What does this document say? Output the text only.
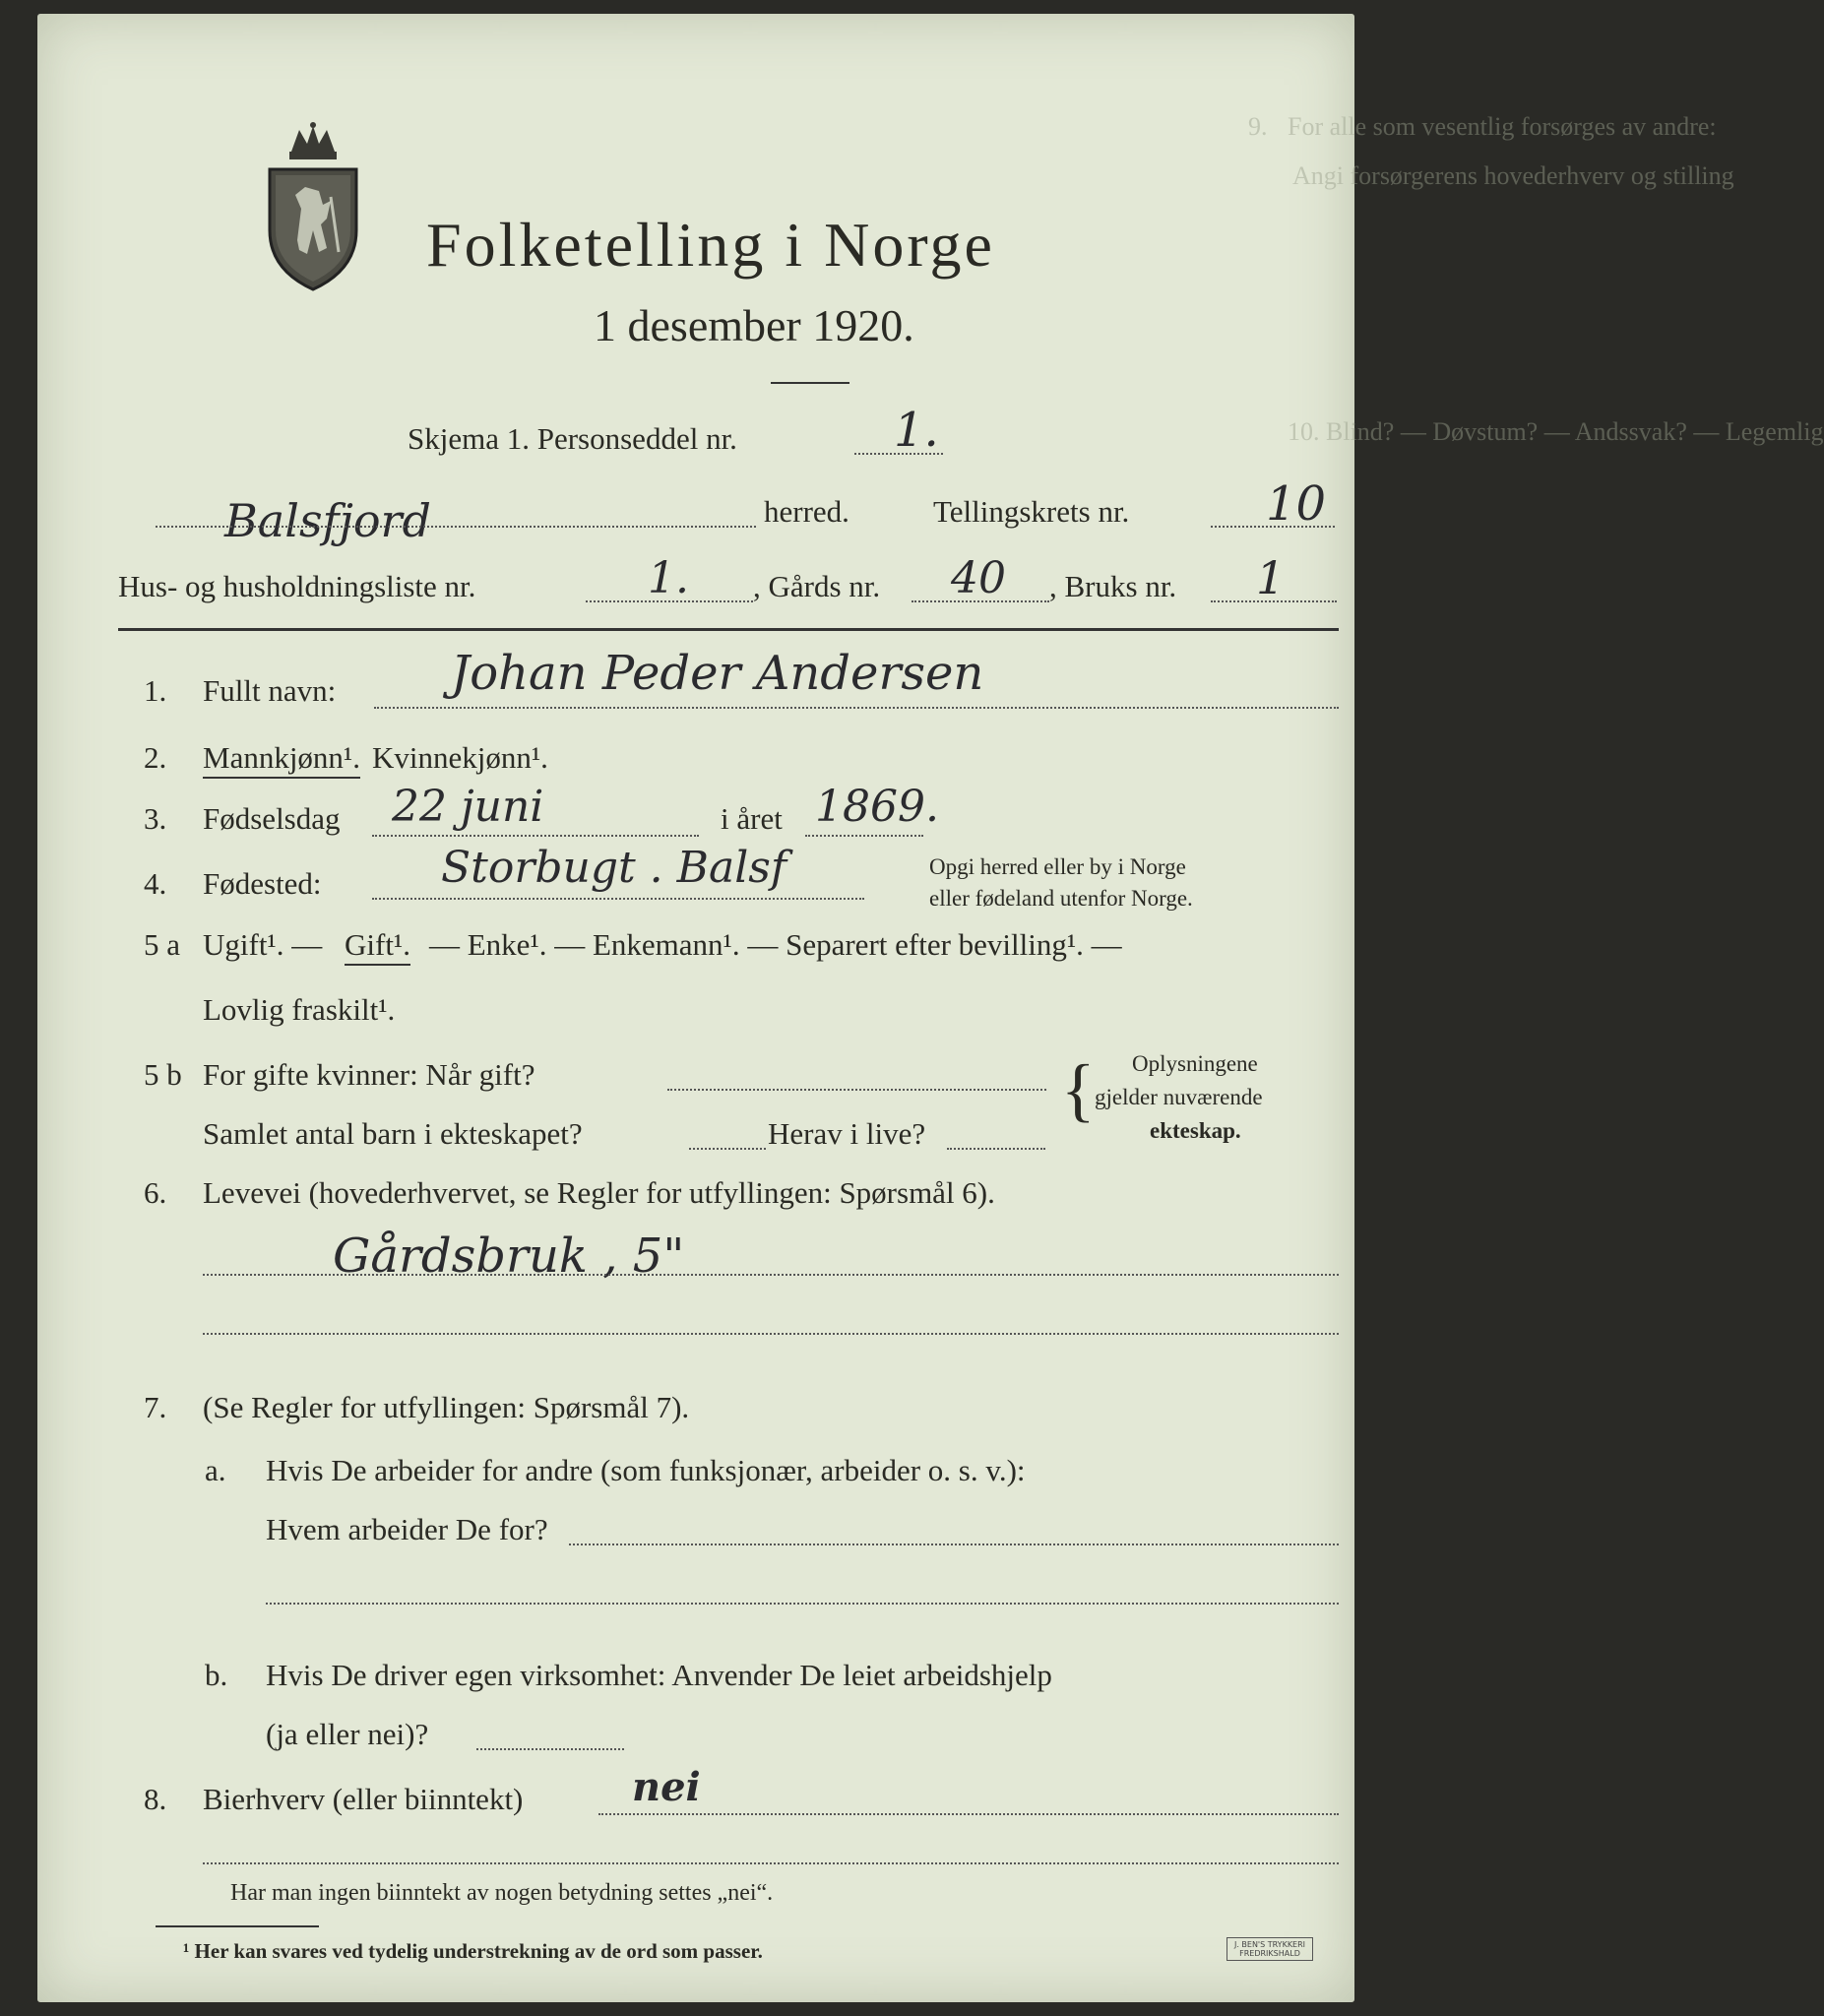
9. For alle som vesentlig forsørges av andre:
Angi forsørgerens hovederhverv og stilling
10. Blind? — Døvstum? — Andssvak? — Legemlig
Folketelling i Norge
1 desember 1920.
Skjema 1. Personseddel nr.	1.
Balsfjord	herred.	Tellingskrets nr.	10
Hus- og husholdningsliste nr.	1. , Gårds nr. 40 , Bruks nr. 1
1. Fullt navn: Johan Peder Andersen
2. Mannkjønn¹. Kvinnekjønn¹.
3. Fødselsdag 22 juni	i året 1869.
4. Fødested:	Storbugt . Balsf	Opgi herred eller by i Norge
eller fødeland utenfor Norge.
5 a Ugift¹. — Gift¹. — Enke¹. — Enkemann¹. — Separert efter bevilling¹. —
Lovlig fraskilt¹.
5 b For gifte kvinner: Når gift?
Samlet antal barn i ekteskapet?	Herav i live?
{ Oplysningene
gjelder nuværende
ekteskap.
6. Levevei (hovederhvervet, se Regler for utfyllingen: Spørsmål 6).
Gårdsbruk , 5"
7. (Se Regler for utfyllingen: Spørsmål 7).
a. Hvis De arbeider for andre (som funksjonær, arbeider o. s. v.):
Hvem arbeider De for?
b. Hvis De driver egen virksomhet: Anvender De leiet arbeidshjelp
(ja eller nei)?
8. Bierhverv (eller biinntekt)	nei
Har man ingen biinntekt av nogen betydning settes „nei“.
¹ Her kan svares ved tydelig understrekning av de ord som passer.	J. BEN'S TRYKKERI
FREDRIKSHALD
